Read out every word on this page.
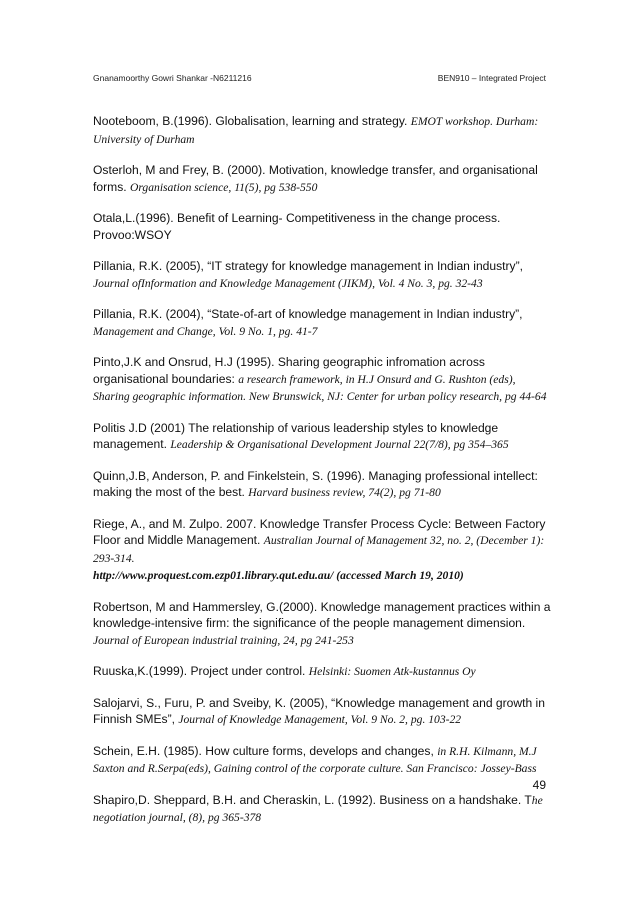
Gnanamoorthy Gowri Shankar -N6211216	BEN910 – Integrated Project

Nooteboom, B.(1996). Globalisation, learning and strategy. EMOT workshop. Durham: University of Durham

Osterloh, M and Frey, B. (2000). Motivation, knowledge transfer, and organisational forms. Organisation science, 11(5), pg 538-550

Otala,L.(1996). Benefit of Learning- Competitiveness in the change process. Provoo:WSOY

Pillania, R.K. (2005), “IT strategy for knowledge management in Indian industry”, Journal ofInformation and Knowledge Management (JIKM), Vol. 4 No. 3, pg. 32-43

Pillania, R.K. (2004), “State-of-art of knowledge management in Indian industry”, Management and Change, Vol. 9 No. 1, pg. 41-7

Pinto,J.K and Onsrud, H.J (1995). Sharing geographic infromation across organisational boundaries: a research framework, in H.J Onsurd and G. Rushton (eds), Sharing geographic information. New Brunswick, NJ: Center for urban policy research, pg 44-64

Politis J.D (2001) The relationship of various leadership styles to knowledge management. Leadership & Organisational Development Journal 22(7/8), pg 354–365

Quinn,J.B, Anderson, P. and Finkelstein, S. (1996). Managing professional intellect: making the most of the best. Harvard business review, 74(2), pg 71-80

Riege, A., and M. Zulpo. 2007. Knowledge Transfer Process Cycle: Between Factory Floor and Middle Management. Australian Journal of Management 32, no. 2, (December 1): 293-314.
http://www.proquest.com.ezp01.library.qut.edu.au/ (accessed March 19, 2010)

Robertson, M and Hammersley, G.(2000). Knowledge management practices within a knowledge-intensive firm: the significance of the people management dimension. Journal of European industrial training, 24, pg 241-253

Ruuska,K.(1999). Project under control. Helsinki: Suomen Atk-kustannus Oy

Salojarvi, S., Furu, P. and Sveiby, K. (2005), “Knowledge management and growth in Finnish SMEs”, Journal of Knowledge Management, Vol. 9 No. 2, pg. 103-22

Schein, E.H. (1985). How culture forms, develops and changes, in R.H. Kilmann, M.J Saxton and R.Serpa(eds), Gaining control of the corporate culture. San Francisco: Jossey-Bass

Shapiro,D. Sheppard, B.H. and Cheraskin, L. (1992). Business on a handshake. The negotiation journal, (8), pg 365-378

49
